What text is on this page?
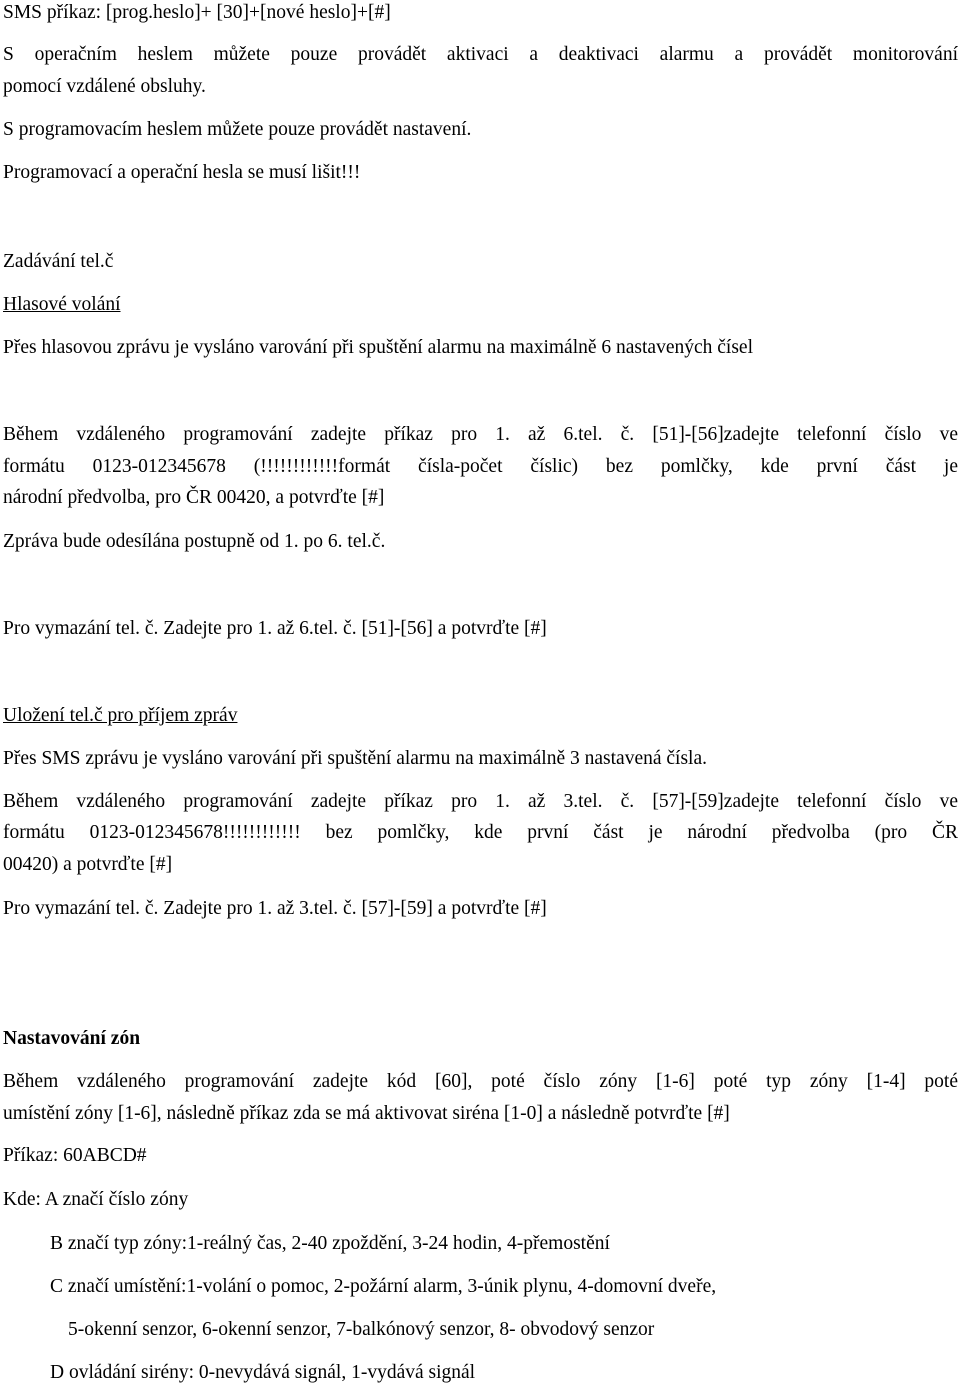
SMS příkaz: [prog.heslo]+ [30]+[nové heslo]+[#]
S operačním heslem můžete pouze provádět aktivaci a deaktivaci alarmu a provádět monitorování
pomocí vzdálené obsluhy.
S programovacím heslem můžete pouze provádět nastavení.
Programovací a operační hesla se musí lišit!!!
Zadávání tel.č
Hlasové volání
Přes hlasovou zprávu je vysláno varování při spuštění alarmu na maximálně 6 nastavených čísel
Během vzdáleného programování zadejte příkaz pro 1. až 6.tel. č. [51]-[56]zadejte telefonní číslo ve
formátu 0123-012345678 (!!!!!!!!!!!!formát čísla-počet číslic) bez pomlčky, kde první část je
národní předvolba, pro ČR 00420, a potvrďte [#]
Zpráva bude odesílána postupně od 1. po 6. tel.č.
Pro vymazání tel. č. Zadejte pro 1. až 6.tel. č. [51]-[56] a potvrďte [#]
Uložení tel.č pro příjem zpráv
Přes SMS zprávu je vysláno varování při spuštění alarmu na maximálně 3 nastavená čísla.
Během vzdáleného programování zadejte příkaz pro 1. až 3.tel. č. [57]-[59]zadejte telefonní číslo ve
formátu 0123-012345678!!!!!!!!!!!! bez pomlčky, kde první část je národní předvolba (pro ČR
00420) a potvrďte [#]
Pro vymazání tel. č. Zadejte pro 1. až 3.tel. č. [57]-[59] a potvrďte [#]
Nastavování zón
Během vzdáleného programování zadejte kód [60], poté číslo zóny [1-6] poté typ zóny [1-4] poté
umístění zóny [1-6], následně příkaz zda se má aktivovat siréna [1-0] a následně potvrďte [#]
Příkaz: 60ABCD#
Kde: A značí číslo zóny
B značí typ zóny:1-reálný čas, 2-40 zpoždění, 3-24 hodin, 4-přemostění
C značí umístění:1-volání o pomoc, 2-požární alarm, 3-únik plynu, 4-domovní dveře,
5-okenní senzor, 6-okenní senzor, 7-balkónový senzor, 8- obvodový senzor
D ovládání sirény: 0-nevydává signál, 1-vydává signál
